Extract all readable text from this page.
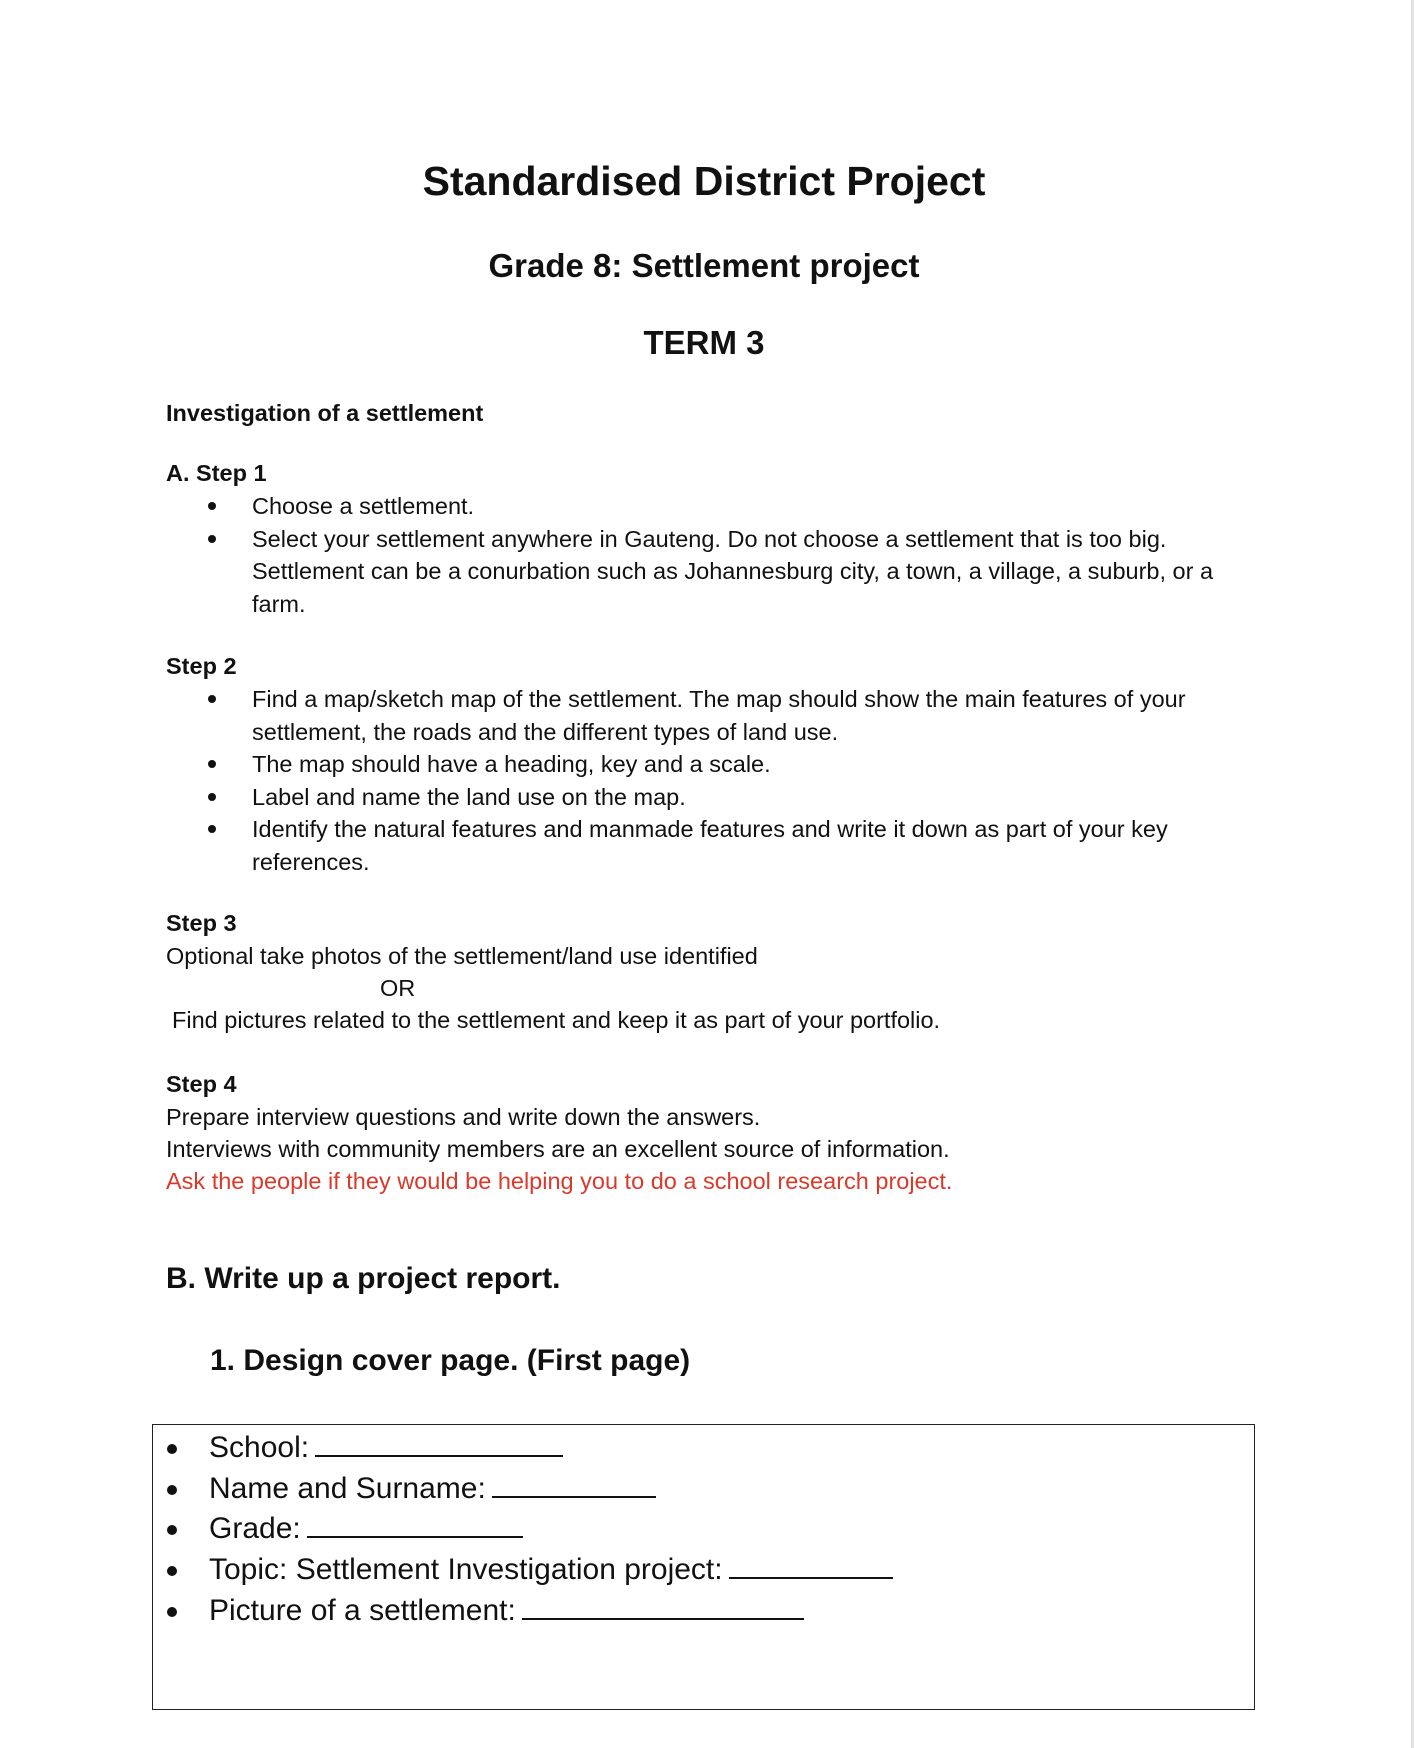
Standardised District Project
Grade 8: Settlement project
TERM 3
Investigation of a settlement
A. Step 1
Choose a settlement.
Select your settlement anywhere in Gauteng. Do not choose a settlement that is too big. Settlement can be a conurbation such as Johannesburg city, a town, a village, a suburb, or a farm.
Step 2
Find a map/sketch map of the settlement. The map should show the main features of your settlement, the roads and the different types of land use.
The map should have a heading, key and a scale.
Label and name the land use on the map.
Identify the natural features and manmade features and write it down as part of your key references.
Step 3
Optional take photos of the settlement/land use identified
OR
Find pictures related to the settlement and keep it as part of your portfolio.
Step 4
Prepare interview questions and write down the answers.
Interviews with community members are an excellent source of information.
Ask the people if they would be helping you to do a school research project.
B. Write up a project report.
1. Design cover page. (First page)
School:
Name and Surname:
Grade:
Topic: Settlement Investigation project:
Picture of a settlement:
